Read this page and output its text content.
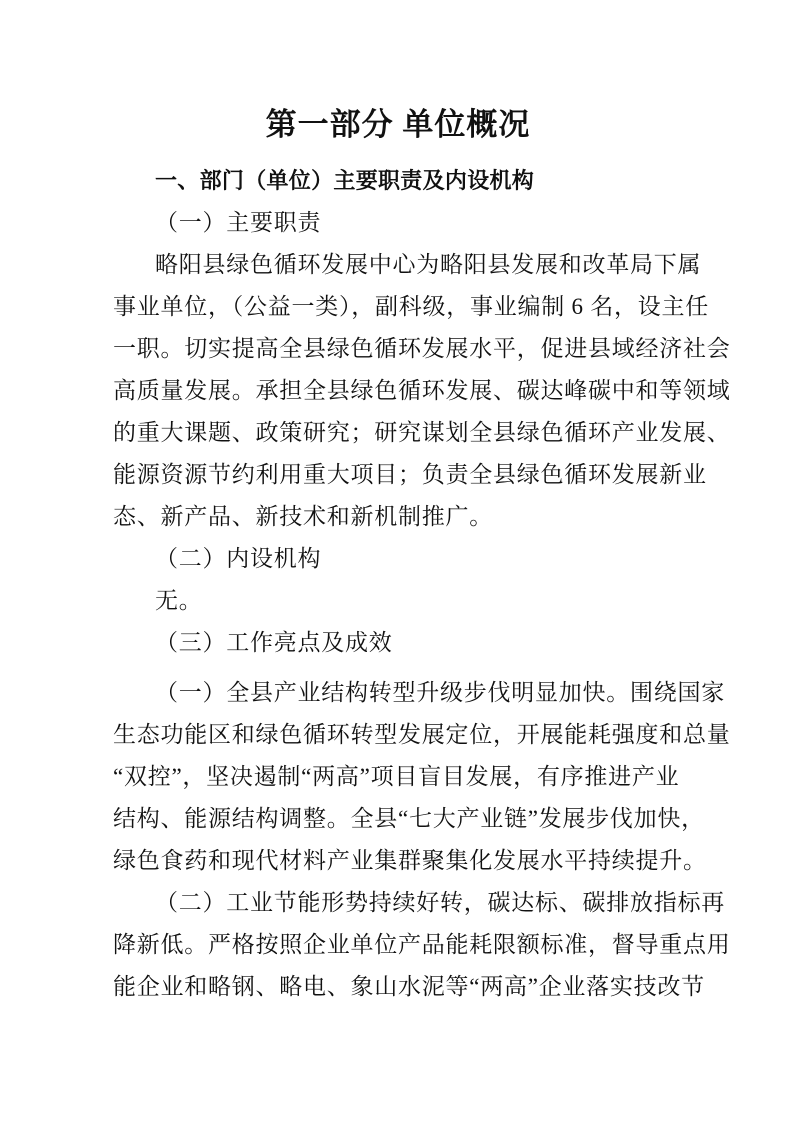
第一部分 单位概况
一、部门（单位）主要职责及内设机构
（一）主要职责
略阳县绿色循环发展中心为略阳县发展和改革局下属
事业单位，（公益一类），副科级，事业编制 6 名，设主任
一职。切实提高全县绿色循环发展水平，促进县域经济社会
高质量发展。承担全县绿色循环发展、碳达峰碳中和等领域
的重大课题、政策研究；研究谋划全县绿色循环产业发展、
能源资源节约利用重大项目；负责全县绿色循环发展新业
态、新产品、新技术和新机制推广。
（二）内设机构
无。
（三）工作亮点及成效
（一）全县产业结构转型升级步伐明显加快。围绕国家
生态功能区和绿色循环转型发展定位，开展能耗强度和总量
“双控”，坚决遏制“两高”项目盲目发展，有序推进产业
结构、能源结构调整。全县“七大产业链”发展步伐加快，
绿色食药和现代材料产业集群聚集化发展水平持续提升。
（二）工业节能形势持续好转，碳达标、碳排放指标再
降新低。严格按照企业单位产品能耗限额标准，督导重点用
能企业和略钢、略电、象山水泥等“两高”企业落实技改节
